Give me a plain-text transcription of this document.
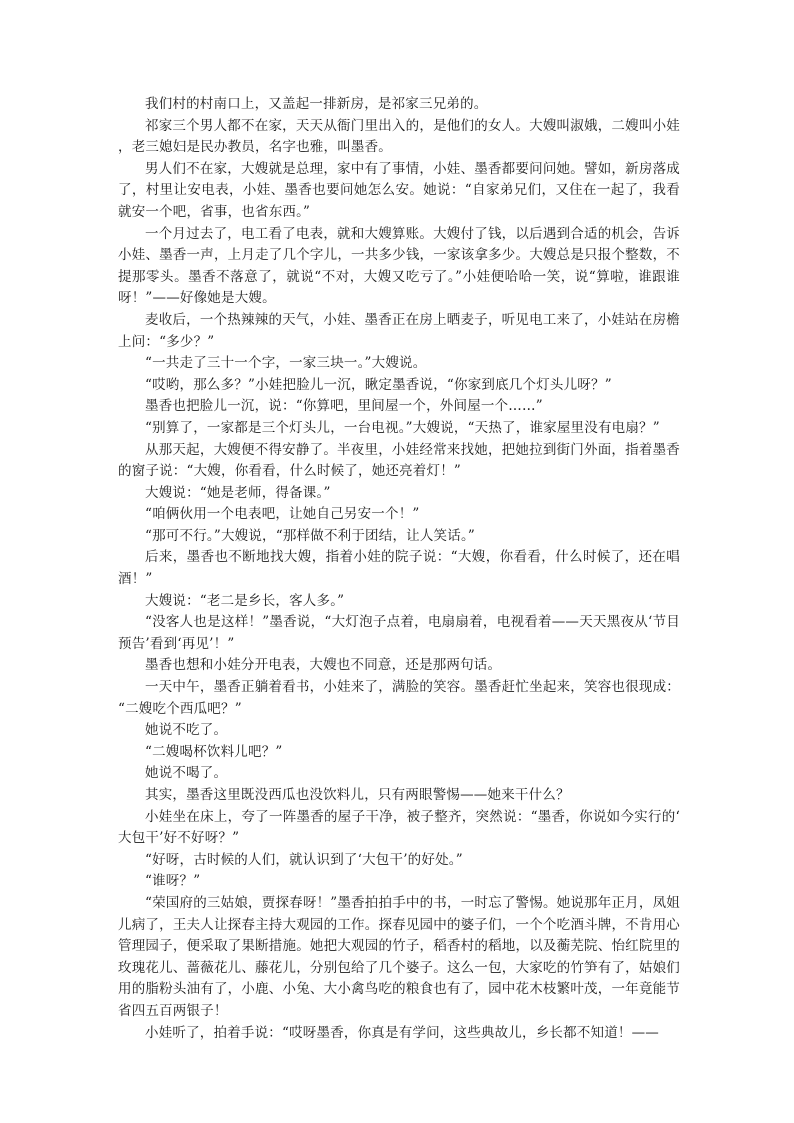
我们村的村南口上，又盖起一排新房，是祁家三兄弟的。

祁家三个男人都不在家，天天从衙门里出入的，是他们的女人。大嫂叫淑娥，二嫂叫小娃，老三媳妇是民办教员，名字也雅，叫墨香。

男人们不在家，大嫂就是总理，家中有了事情，小娃、墨香都要问问她。譬如，新房落成了，村里让安电表，小娃、墨香也要问她怎么安。她说：“自家弟兄们，又住在一起了，我看就安一个吧，省事，也省东西。”

一个月过去了，电工看了电表，就和大嫂算账。大嫂付了钱，以后遇到合适的机会，告诉小娃、墨香一声，上月走了几个字儿，一共多少钱，一家该拿多少。大嫂总是只报个整数，不提那零头。墨香不落意了，就说“不对，大嫂又吃亏了。”小娃便哈哈一笑，说“算啦，谁跟谁呀！”——好像她是大嫂。

麦收后，一个热辣辣的天气，小娃、墨香正在房上晒麦子，听见电工来了，小娃站在房檐上问：“多少？”

“一共走了三十一个字，一家三块一。”大嫂说。

“哎哟，那么多？”小娃把脸儿一沉，瞅定墨香说，“你家到底几个灯头儿呀？”

墨香也把脸儿一沉，说：“你算吧，里间屋一个，外间屋一个……”

“别算了，一家都是三个灯头儿，一台电视。”大嫂说，“天热了，谁家屋里没有电扇？”

从那天起，大嫂便不得安静了。半夜里，小娃经常来找她，把她拉到街门外面，指着墨香的窗子说：“大嫂，你看看，什么时候了，她还亮着灯！”

大嫂说：“她是老师，得备课。”

“咱俩伙用一个电表吧，让她自己另安一个！”

“那可不行。”大嫂说，“那样做不利于团结，让人笑话。”

后来，墨香也不断地找大嫂，指着小娃的院子说：“大嫂，你看看，什么时候了，还在唱酒！”

大嫂说：“老二是乡长，客人多。”

“没客人也是这样！”墨香说，“大灯泡子点着，电扇扇着，电视看着——天天黑夜从‘节目预告’看到‘再见’！”

墨香也想和小娃分开电表，大嫂也不同意，还是那两句话。

一天中午，墨香正躺着看书，小娃来了，满脸的笑容。墨香赶忙坐起来，笑容也很现成：“二嫂吃个西瓜吧？”

她说不吃了。

“二嫂喝杯饮料儿吧？”

她说不喝了。

其实，墨香这里既没西瓜也没饮料儿，只有两眼警惕——她来干什么？

小娃坐在床上，夸了一阵墨香的屋子干净，被子整齐，突然说：“墨香，你说如今实行的‘大包干’好不好呀？”

“好呀，古时候的人们，就认识到了‘大包干’的好处。”

“谁呀？”

“荣国府的三姑娘，贾探春呀！”墨香拍拍手中的书，一时忘了警惕。她说那年正月，凤姐儿病了，王夫人让探春主持大观园的工作。探春见园中的婆子们，一个个吃酒斗牌，不肯用心管理园子，便采取了果断措施。她把大观园的竹子，稻香村的稻地，以及蘅芜院、怡红院里的玫瑰花儿、蔷薇花儿、藤花儿，分别包给了几个婆子。这么一包，大家吃的竹笋有了，姑娘们用的脂粉头油有了，小鹿、小兔、大小禽鸟吃的粮食也有了，园中花木枝繁叶茂，一年竟能节省四五百两银子！

小娃听了，拍着手说：“哎呀墨香，你真是有学问，这些典故儿，乡长都不知道！——
